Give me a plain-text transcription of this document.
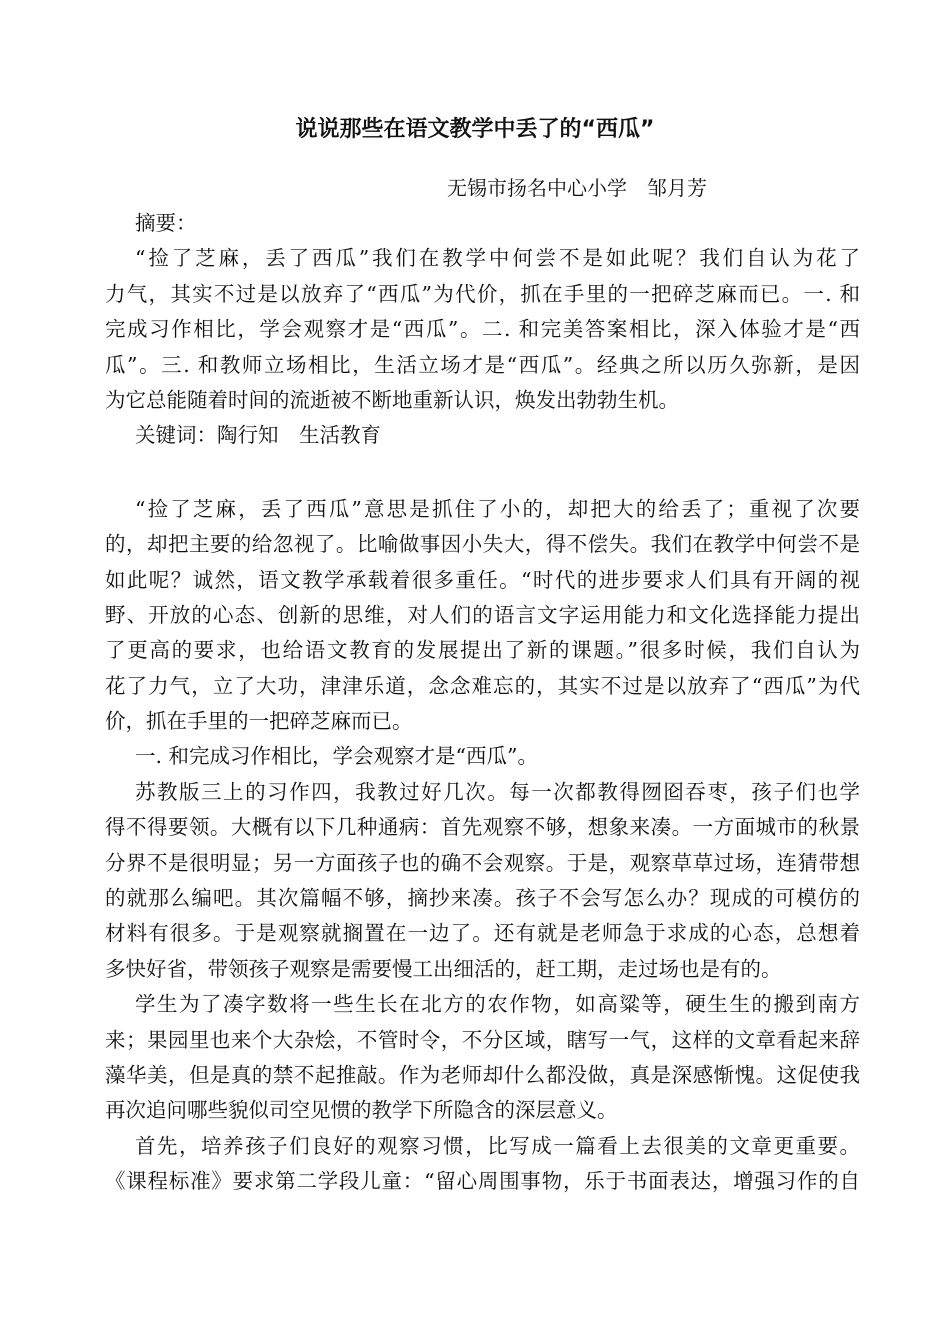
说说那些在语文教学中丢了的“西瓜”
无锡市扬名中心小学　邹月芳
摘要：
“捡了芝麻，丢了西瓜”我们在教学中何尝不是如此呢？我们自认为花了
力气，其实不过是以放弃了“西瓜”为代价，抓在手里的一把碎芝麻而已。一. 和
完成习作相比，学会观察才是“西瓜”。二. 和完美答案相比，深入体验才是“西
瓜”。三. 和教师立场相比，生活立场才是“西瓜”。经典之所以历久弥新，是因
为它总能随着时间的流逝被不断地重新认识，焕发出勃勃生机。
关键词：陶行知　生活教育
“捡了芝麻，丢了西瓜”意思是抓住了小的，却把大的给丢了；重视了次要
的，却把主要的给忽视了。比喻做事因小失大，得不偿失。我们在教学中何尝不是
如此呢？诚然，语文教学承载着很多重任。“时代的进步要求人们具有开阔的视
野、开放的心态、创新的思维，对人们的语言文字运用能力和文化选择能力提出
了更高的要求，也给语文教育的发展提出了新的课题。”很多时候，我们自认为
花了力气，立了大功，津津乐道，念念难忘的，其实不过是以放弃了“西瓜”为代
价，抓在手里的一把碎芝麻而已。
一. 和完成习作相比，学会观察才是“西瓜”。
苏教版三上的习作四，我教过好几次。每一次都教得囫囵吞枣，孩子们也学
得不得要领。大概有以下几种通病：首先观察不够，想象来凑。一方面城市的秋景
分界不是很明显；另一方面孩子也的确不会观察。于是，观察草草过场，连猜带想
的就那么编吧。其次篇幅不够，摘抄来凑。孩子不会写怎么办？现成的可模仿的
材料有很多。于是观察就搁置在一边了。还有就是老师急于求成的心态，总想着
多快好省，带领孩子观察是需要慢工出细活的，赶工期，走过场也是有的。
学生为了凑字数将一些生长在北方的农作物，如高粱等，硬生生的搬到南方
来；果园里也来个大杂烩，不管时令，不分区域，瞎写一气，这样的文章看起来辞
藻华美，但是真的禁不起推敲。作为老师却什么都没做，真是深感惭愧。这促使我
再次追问哪些貌似司空见惯的教学下所隐含的深层意义。
首先，培养孩子们良好的观察习惯，比写成一篇看上去很美的文章更重要。
《课程标准》要求第二学段儿童：“留心周围事物，乐于书面表达，增强习作的自
